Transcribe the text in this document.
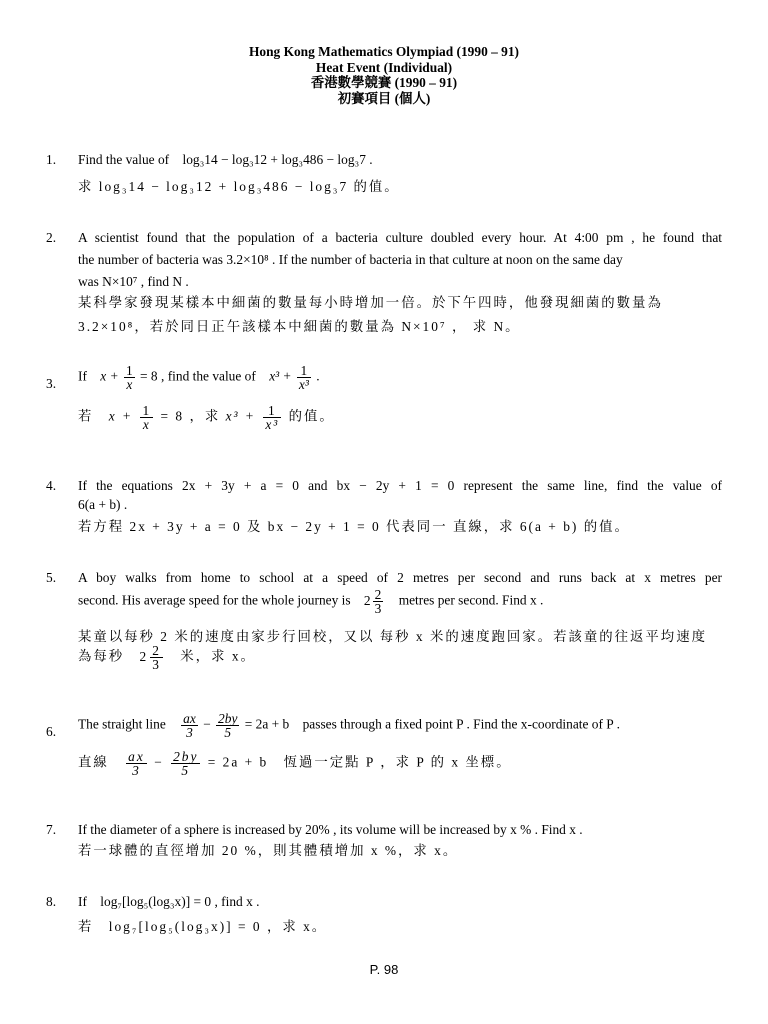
Hong Kong Mathematics Olympiad (1990 – 91)
Heat Event (Individual)
香港數學競賽 (1990 – 91)
初賽項目 (個人)
1. Find the value of log₃14 − log₃12 + log₃486 − log₃7 .
求 log₃14 − log₃12 + log₃486 − log₃7 的值。
2. A scientist found that the population of a bacteria culture doubled every hour. At 4:00 pm , he found that
the number of bacteria was 3.2×10⁸ . If the number of bacteria in that culture at noon on the same day
was N×10⁷ , find N .
某科學家發現某樣本中細菌的數量每小時增加一倍。於下午四時，他發現細菌的數量為
3.2×10⁸，若於同日正午該樣本中細菌的數量為 N×10⁷ ， 求 N。
3. If $x + \frac{1}{x} = 8$ , find the value of $x^3 + \frac{1}{\text{x³}}$ .
若 $x + \frac{1}{x} = 8$ ，求 $x^3 + \frac{1}{\text{x³}}$ 的值。
4. If the equations 2x + 3y + a = 0 and bx − 2y + 1 = 0 represent the same line, find the value of
6(a + b) .
若方程 2x + 3y + a = 0 及 bx − 2y + 1 = 0 代表同一 直線，求 6(a + b) 的值。
5. A boy walks from home to school at a speed of 2 metres per second and runs back at x metres per
second. His average speed for the whole journey is $2 \frac{2}{3}$ metres per second. Find x .
某童以每秒 2 米的速度由家步行回校，又以 每秒 x 米的速度跑回家。若該童的往返平均速度
為每秒 $2 \frac{2}{3}$ 米，求 x。
6. The straight line $\frac{ax}{3} - \frac{2by}{5} = 2a + b$ passes through a fixed point P . Find the x-coordinate of P .
直線 $\frac{ax}{3} - \frac{2by}{5} = 2a + b$ 恆過一定點 P ，求 P 的 x 坐標。
7. If the diameter of a sphere is increased by 20% , its volume will be increased by x % . Find x .
若一球體的直徑增加 20 %，則其體積增加 x %，求 x。
8. If log₇[log₅(log₃x)] = 0 , find x .
若 log₇[log₅(log₃x)] = 0 ，求 x。
P. 98
